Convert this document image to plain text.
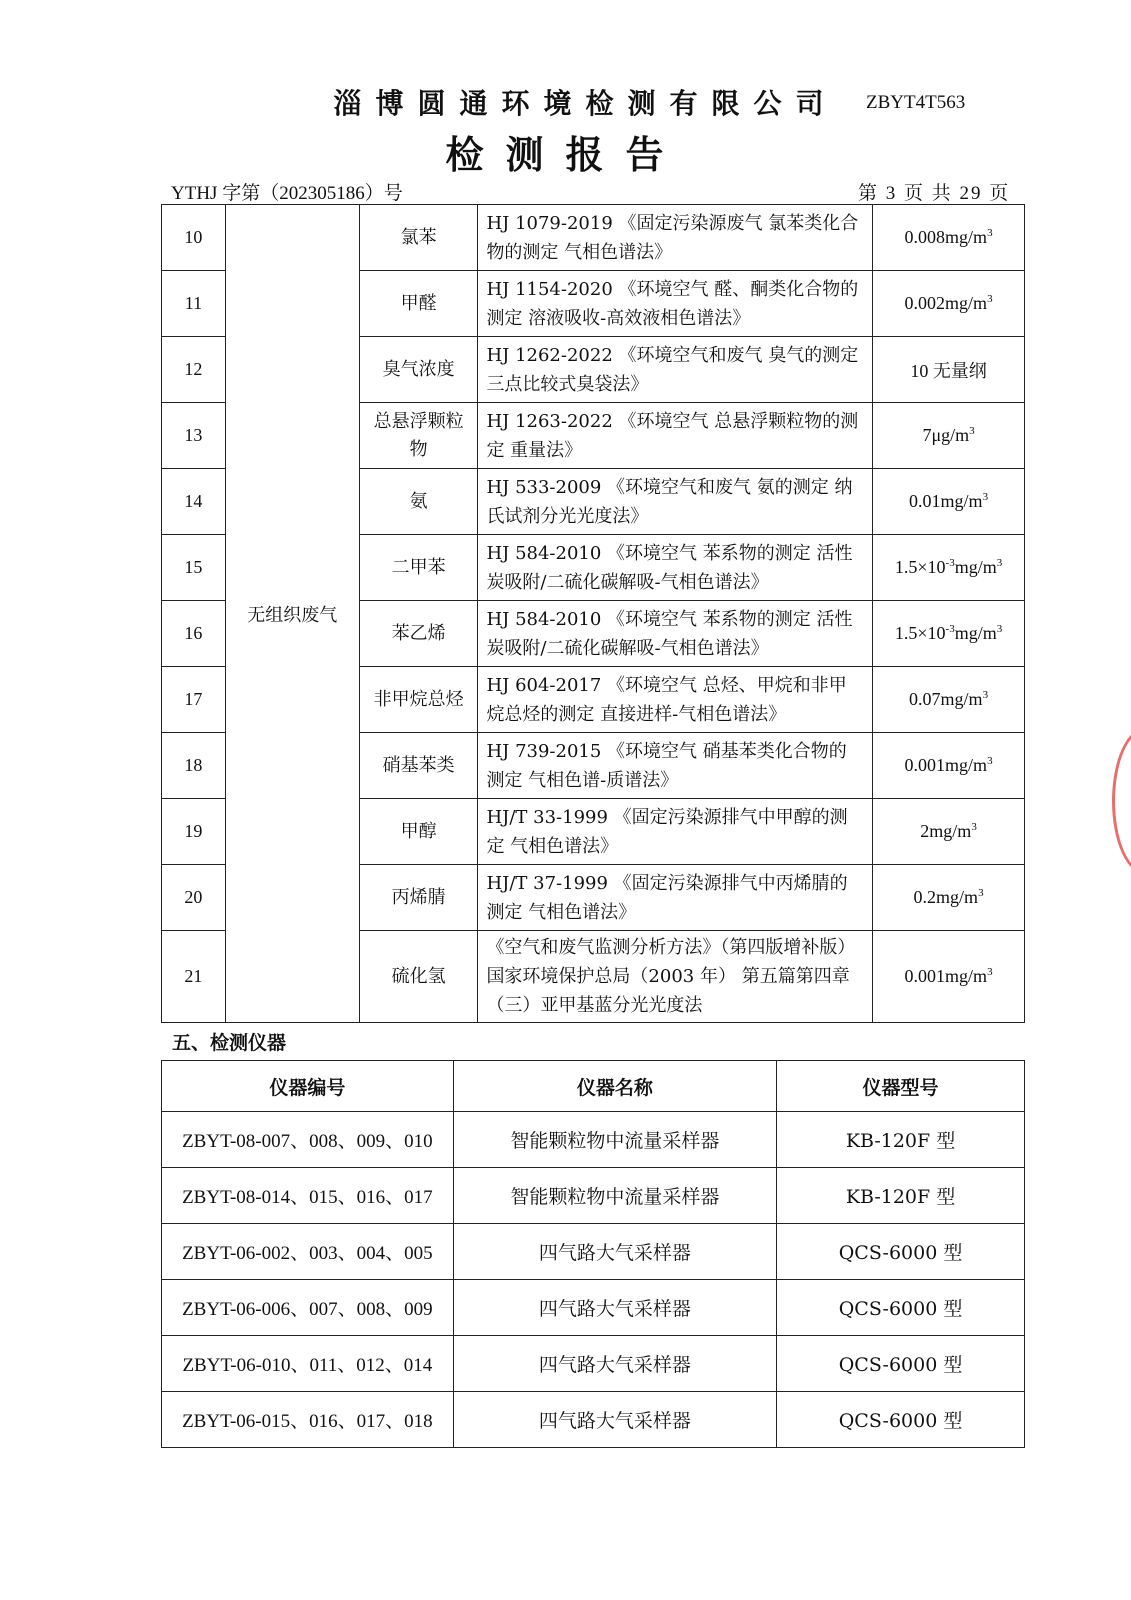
淄博圆通环境检测有限公司	ZBYT4T563
检测报告
YTHJ 字第（202305186）号	第 3 页 共 29 页
10	无组织废气	氯苯	HJ 1079-2019 《固定污染源废气 氯苯类化合物的测定 气相色谱法》	$0.008mg/m^3$
11		甲醛	HJ 1154-2020 《环境空气 醛、酮类化合物的测定 溶液吸收-高效液相色谱法》	$0.002mg/m^3$
12		臭气浓度	HJ 1262-2022 《环境空气和废气 臭气的测定 三点比较式臭袋法》	10 无量纲
13		总悬浮颗粒物	HJ 1263-2022 《环境空气 总悬浮颗粒物的测定 重量法》	$7\mu g/m^3$
14		氨	HJ 533-2009 《环境空气和废气 氨的测定 纳氏试剂分光光度法》	$0.01mg/m^3$
15		二甲苯	HJ 584-2010 《环境空气 苯系物的测定 活性炭吸附/二硫化碳解吸-气相色谱法》	$1.5\times 10^{-3}mg/m^3$
16		苯乙烯	HJ 584-2010 《环境空气 苯系物的测定 活性炭吸附/二硫化碳解吸-气相色谱法》	$1.5\times 10^{-3}mg/m^3$
17		非甲烷总烃	HJ 604-2017 《环境空气 总烃、甲烷和非甲烷总烃的测定 直接进样-气相色谱法》	$0.07mg/m^3$
18		硝基苯类	HJ 739-2015 《环境空气 硝基苯类化合物的测定 气相色谱-质谱法》	$0.001mg/m^3$
19		甲醇	HJ/T 33-1999 《固定污染源排气中甲醇的测定 气相色谱法》	$2mg/m^3$
20		丙烯腈	HJ/T 37-1999 《固定污染源排气中丙烯腈的测定 气相色谱法》	$0.2mg/m^3$
21		硫化氢	《空气和废气监测分析方法》（第四版增补版）国家环境保护总局（2003 年） 第五篇第四章（三）亚甲基蓝分光光度法	$0.001mg/m^3$
五、检测仪器
仪器编号	仪器名称	仪器型号
ZBYT-08-007、008、009、010	智能颗粒物中流量采样器	KB-120F 型
ZBYT-08-014、015、016、017	智能颗粒物中流量采样器	KB-120F 型
ZBYT-06-002、003、004、005	四气路大气采样器	QCS-6000 型
ZBYT-06-006、007、008、009	四气路大气采样器	QCS-6000 型
ZBYT-06-010、011、012、014	四气路大气采样器	QCS-6000 型
ZBYT-06-015、016、017、018	四气路大气采样器	QCS-6000 型
